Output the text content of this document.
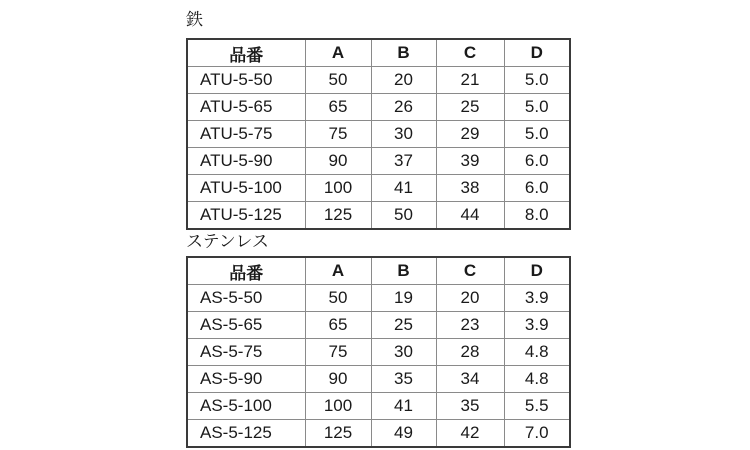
鉄
品番	A	B	C	D
ATU-5-50	50	20	21	5.0
ATU-5-65	65	26	25	5.0
ATU-5-75	75	30	29	5.0
ATU-5-90	90	37	39	6.0
ATU-5-100	100	41	38	6.0
ATU-5-125	125	50	44	8.0
ステンレス
品番	A	B	C	D
AS-5-50	50	19	20	3.9
AS-5-65	65	25	23	3.9
AS-5-75	75	30	28	4.8
AS-5-90	90	35	34	4.8
AS-5-100	100	41	35	5.5
AS-5-125	125	49	42	7.0
